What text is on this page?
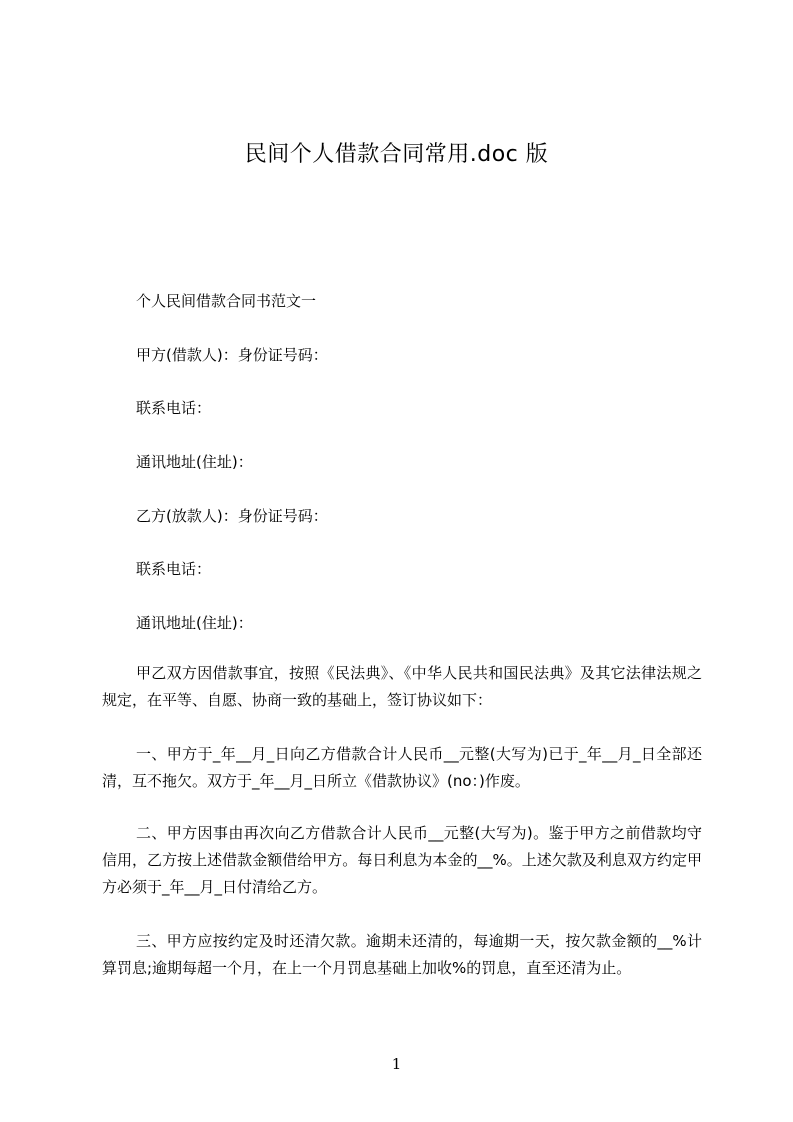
民间个人借款合同常用.doc 版
个人民间借款合同书范文一
甲方(借款人)：身份证号码：
联系电话：
通讯地址(住址)：
乙方(放款人)：身份证号码：
联系电话：
通讯地址(住址)：
甲乙双方因借款事宜，按照《民法典》、《中华人民共和国民法典》及其它法律法规之规定，在平等、自愿、协商一致的基础上，签订协议如下：
一、甲方于_年__月_日向乙方借款合计人民币__元整(大写为)已于_年__月_日全部还清，互不拖欠。双方于_年__月_日所立《借款协议》(no：)作废。
二、甲方因事由再次向乙方借款合计人民币__元整(大写为)。鉴于甲方之前借款均守信用，乙方按上述借款金额借给甲方。每日利息为本金的__%。上述欠款及利息双方约定甲方必须于_年__月_日付清给乙方。
三、甲方应按约定及时还清欠款。逾期未还清的，每逾期一天，按欠款金额的__%计算罚息;逾期每超一个月，在上一个月罚息基础上加收%的罚息，直至还清为止。
1
